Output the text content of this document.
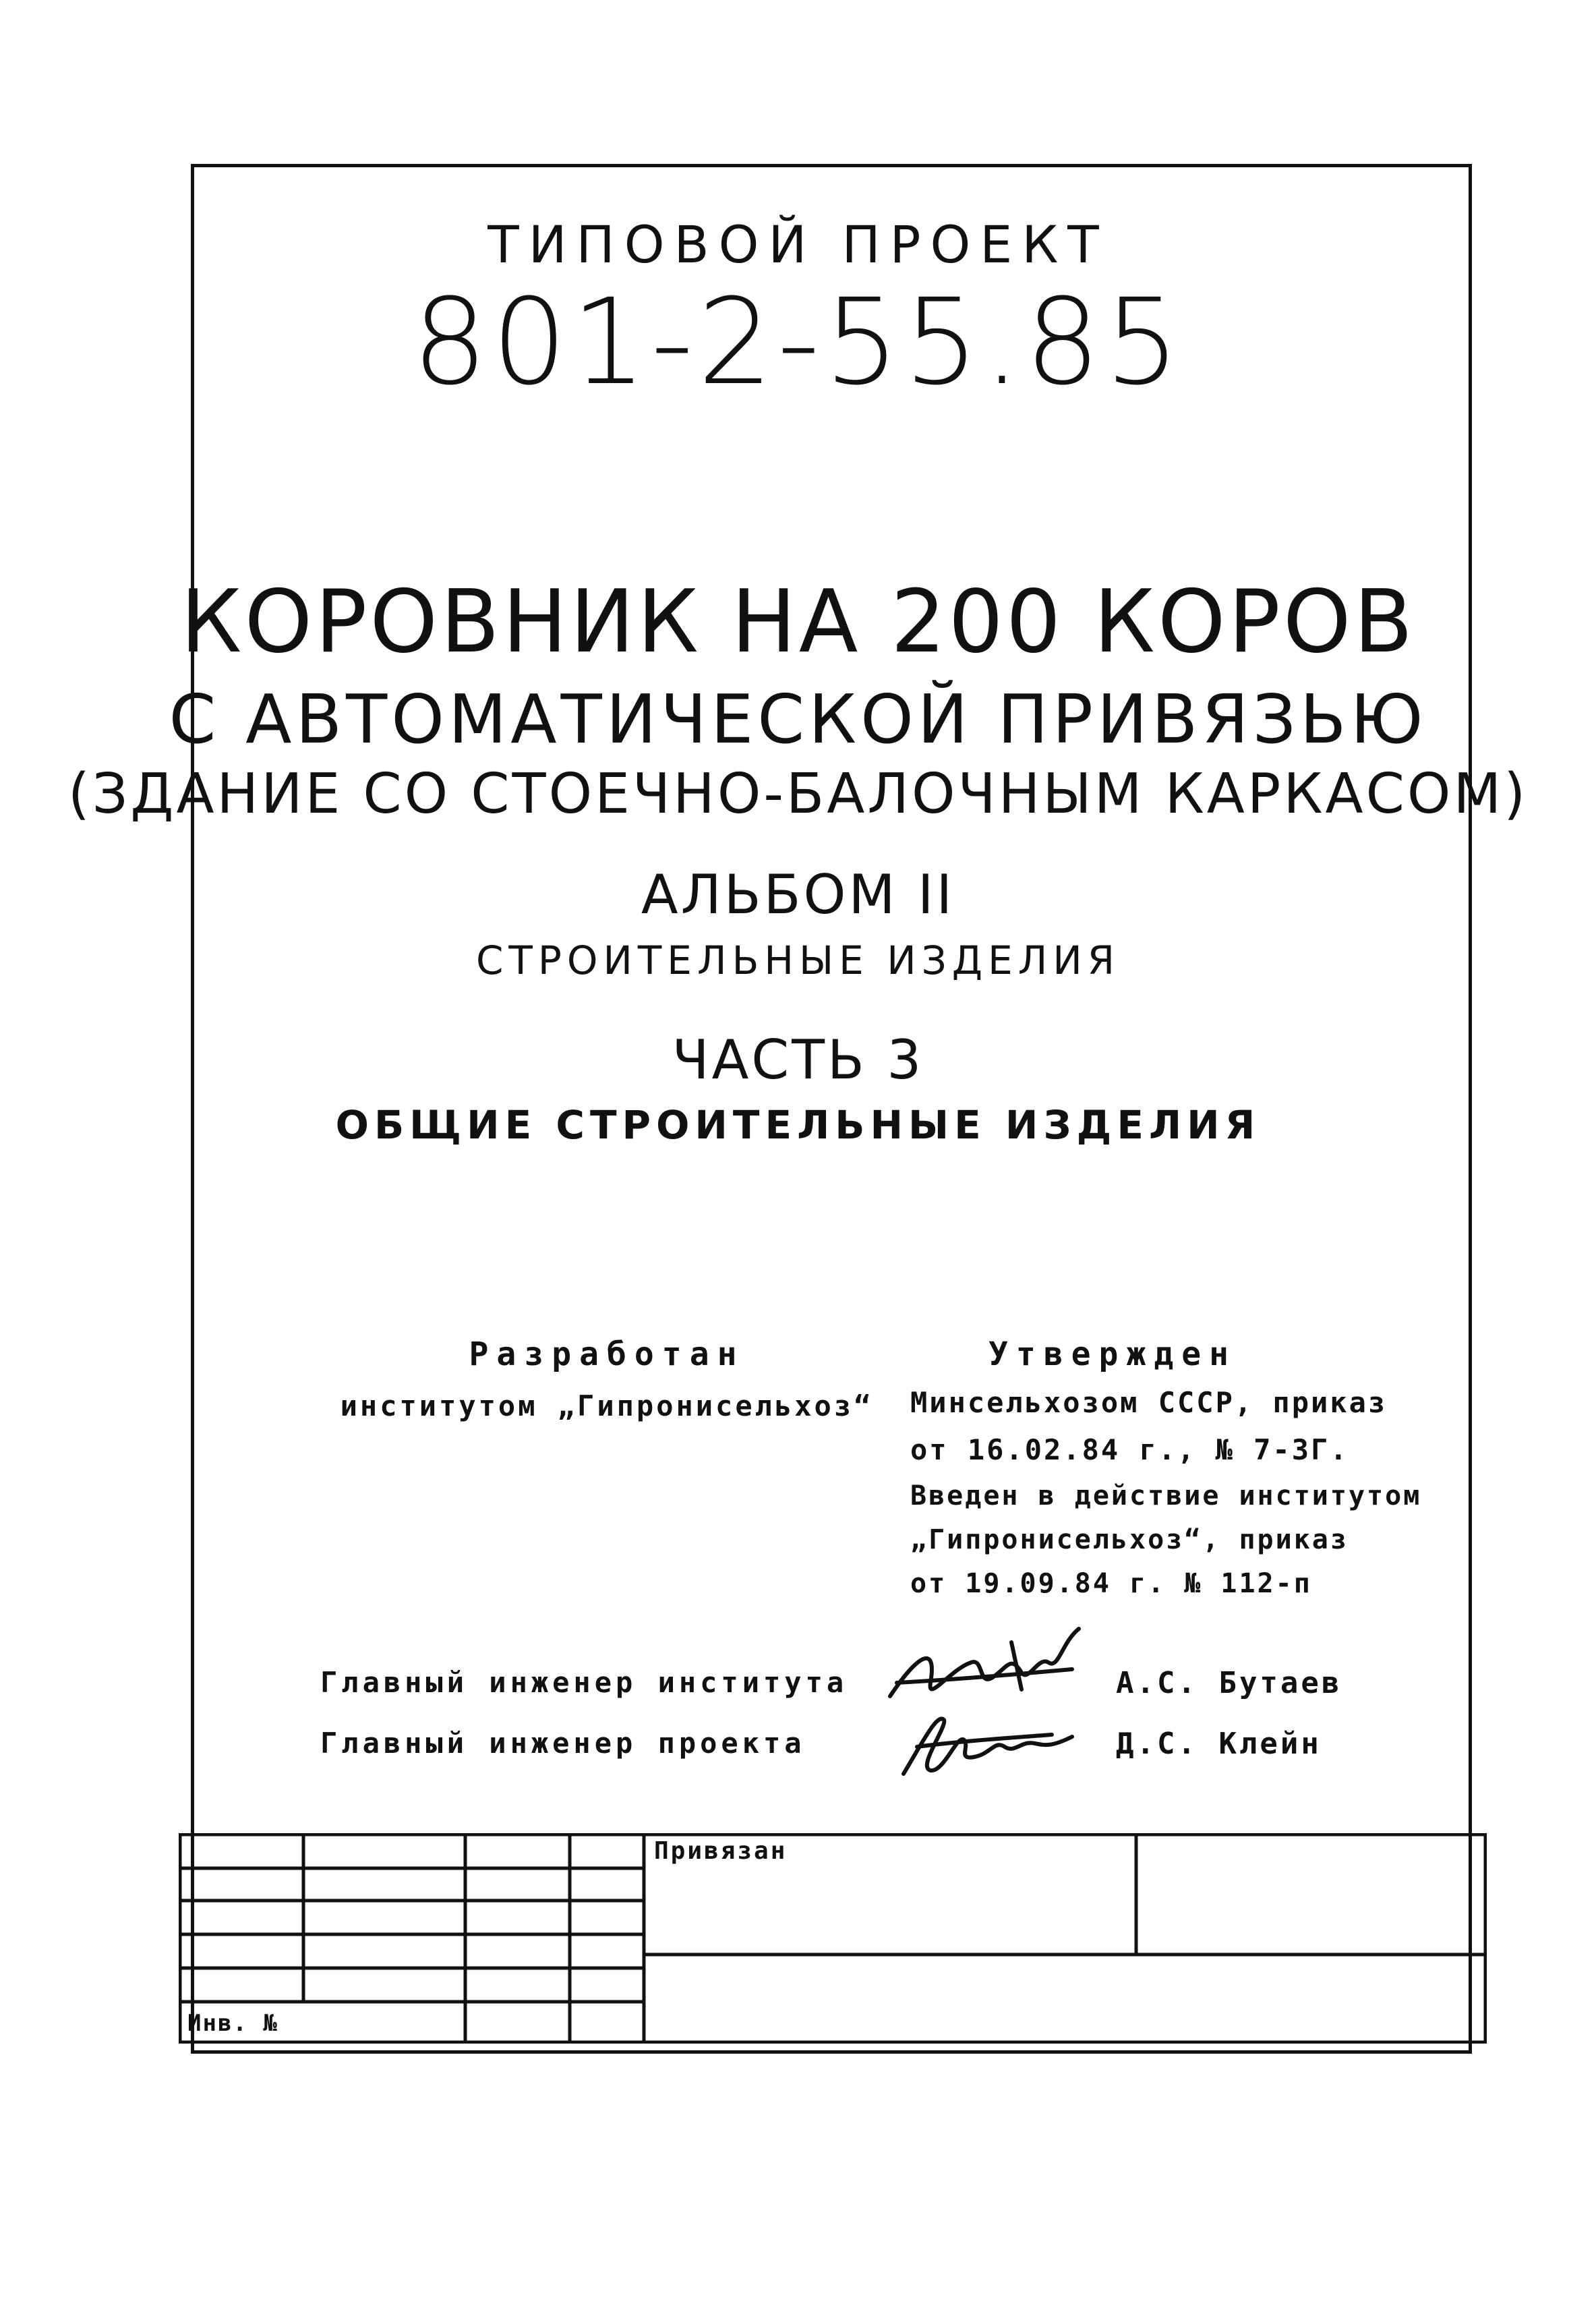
ТИПОВОЙ ПРОЕКТ

801-2-55.85

КОРОВНИК НА 200 КОРОВ
С АВТОМАТИЧЕСКОЙ ПРИВЯЗЬЮ
(ЗДАНИЕ СО СТОЕЧНО-БАЛОЧНЫМ КАРКАСОМ)

АЛЬБОМ II

СТРОИТЕЛЬНЫЕ ИЗДЕЛИЯ

ЧАСТЬ 3

ОБЩИЕ СТРОИТЕЛЬНЫЕ ИЗДЕЛИЯ

Разработан

институтом „Гипронисельхоз“

Утвержден

Минсельхозом СССР, приказ

от 16.02.84 г., № 7-ЗГ.

Введен в действие институтом

„Гипронисельхоз“, приказ

от 19.09.84 г. № 112-п

Главный инженер института

Главный инженер проекта

А.С. Бутаев

Д.С. Клейн

Привязан

Инв. №
